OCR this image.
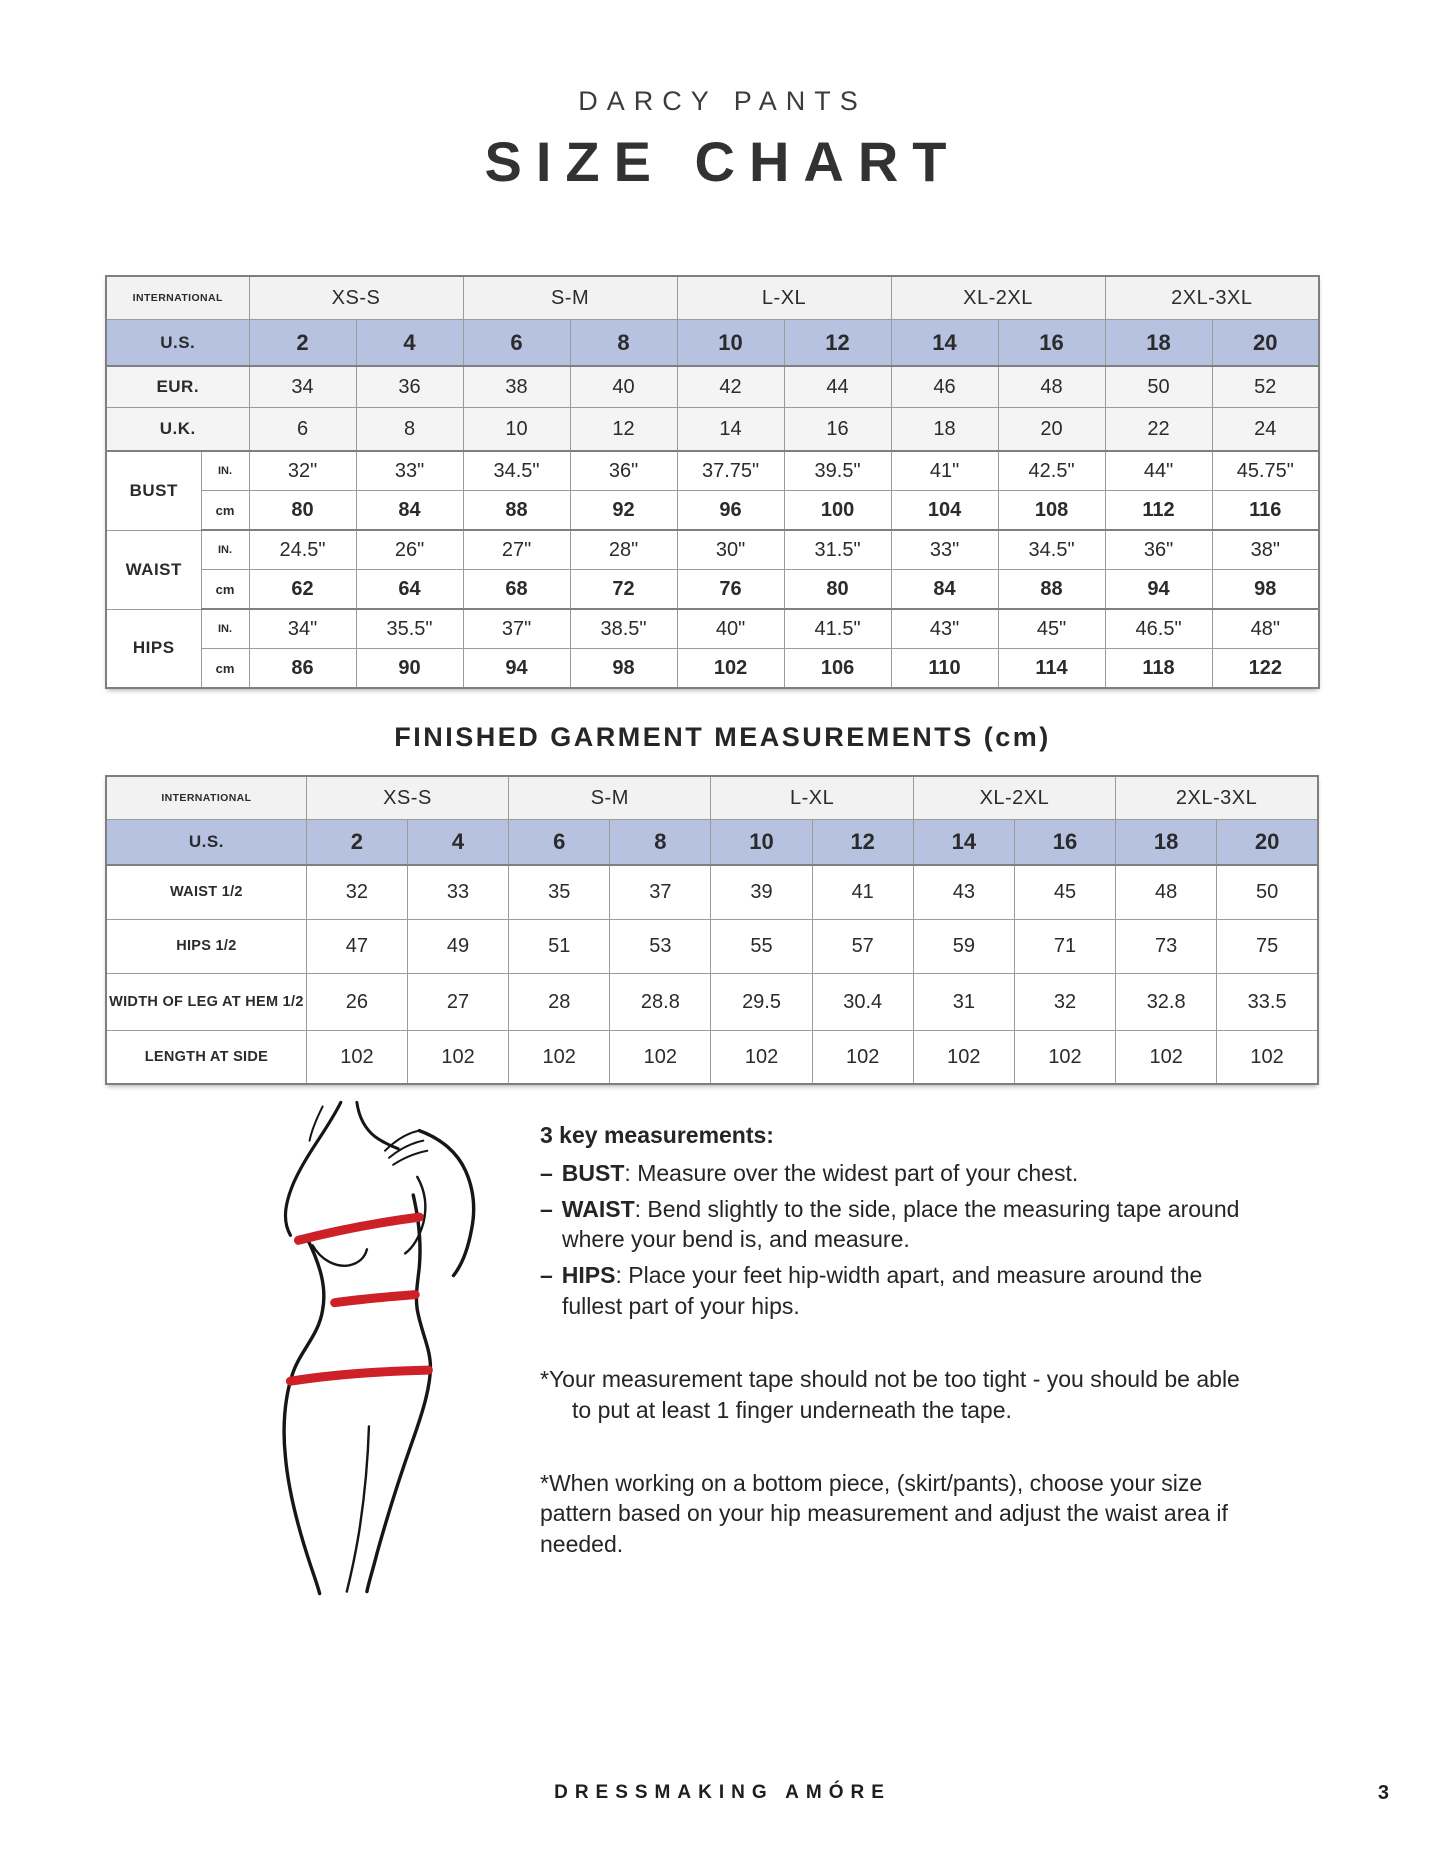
DARCY PANTS
SIZE CHART
INTERNATIONAL		XS-S		S-M		L-XL		XL-2XL		2XL-3XL	
U.S.		2	4	6	8	10	12	14	16	18	20
EUR.		34	36	38	40	42	44	46	48	50	52
U.K.		6	8	10	12	14	16	18	20	22	24
BUST	IN.	32"	33"	34.5"	36"	37.75"	39.5"	41"	42.5"	44"	45.75"
	cm	80	84	88	92	96	100	104	108	112	116
WAIST	IN.	24.5"	26"	27"	28"	30"	31.5"	33"	34.5"	36"	38"
	cm	62	64	68	72	76	80	84	88	94	98
HIPS	IN.	34"	35.5"	37"	38.5"	40"	41.5"	43"	45"	46.5"	48"
	cm	86	90	94	98	102	106	110	114	118	122
FINISHED GARMENT MEASUREMENTS (cm)
INTERNATIONAL	XS-S		S-M		L-XL		XL-2XL		2XL-3XL	
U.S.	2	4	6	8	10	12	14	16	18	20
WAIST 1/2	32	33	35	37	39	41	43	45	48	50
HIPS 1/2	47	49	51	53	55	57	59	71	73	75
WIDTH OF LEG AT HEM 1/2	26	27	28	28.8	29.5	30.4	31	32	32.8	33.5
LENGTH AT SIDE	102	102	102	102	102	102	102	102	102	102
3 key measurements:
– BUST: Measure over the widest part of your chest.
– WAIST: Bend slightly to the side, place the measuring tape around where your bend is, and measure.
– HIPS: Place your feet hip-width apart, and measure around the fullest part of your hips.
*Your measurement tape should not be too tight - you should be able to put at least 1 finger underneath the tape.
*When working on a bottom piece, (skirt/pants), choose your size pattern based on your hip measurement and adjust the waist area if needed.
DRESSMAKING AMÓRE	3
